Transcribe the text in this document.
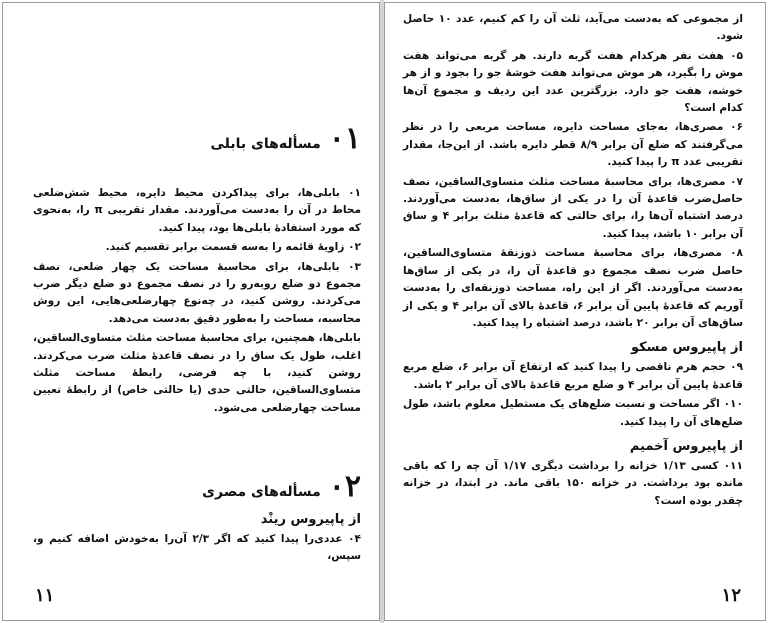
۰۱
مسأله‌های بابلی
۰۱ بابلی‌ها، برای پیداکردن محیط دایره، محیط شش‌ضلعی محاط در آن را به‌دست می‌آوردند. مقدار تقریبی π را، به‌نحوی که مورد استفادهٔ بابلی‌ها بود، پیدا کنید.
۰۲ زاویهٔ قائمه را به‌سه قسمت برابر تقسیم کنید.
۰۳ بابلی‌ها، برای محاسبهٔ مساحت یک چهار ضلعی، نصف مجموع دو ضلع روبه‌رو را در نصف مجموع دو ضلع دیگر ضرب می‌کردند. روشن کنید، در چه‌نوع چهارضلعی‌هایی، این روش محاسبه، مساحت را به‌طور دقیق به‌دست می‌دهد.
بابلی‌ها، همچنین، برای محاسبهٔ مساحت مثلث متساوی‌الساقین، اغلب، طول یک ساق را در نصف قاعدهٔ مثلث ضرب می‌کردند. روشن کنید، با چه فرضی، رابطهٔ مساحت مثلث متساوی‌الساقین، حالتی حدی (یا حالتی خاص) از رابطهٔ تعیین مساحت چهارضلعی می‌شود.
۰۲
مسأله‌های مصری
از پاپیروس رینْد
۰۴ عددی‌را پیدا کنید که اگر ۲/۳ آن‌را به‌خودش اضافه کنیم و، سپس،
۱۱
از مجموعی که به‌دست می‌آید، ثلث آن را کم کنیم، عدد ۱۰ حاصل شود.
۰۵ هفت نفر هرکدام هفت گربه دارند. هر گربه می‌تواند هفت موش را بگیرد، هر موش می‌تواند هفت خوشهٔ جو را بجود و از هر خوشه، هفت جو دارد. بزرگترین عدد این ردیف و مجموع آن‌ها کدام است؟
۰۶ مصری‌ها، به‌جای مساحت دایره، مساحت مربعی را در نظر می‌گرفتند که ضلع آن برابر ۸/۹ قطر دایره باشد. از این‌جا، مقدار تقریبی عدد π را پیدا کنید.
۰۷ مصری‌ها، برای محاسبهٔ مساحت مثلث متساوی‌الساقین، نصف حاصل‌ضرب قاعدهٔ آن را در یکی از ساق‌ها، به‌دست می‌آوردند. درصد اشتباه آن‌ها را، برای حالتی که قاعدهٔ مثلث برابر ۴ و ساق آن برابر ۱۰ باشد، پیدا کنید.
۰۸ مصری‌ها، برای محاسبهٔ مساحت ذوزنقهٔ متساوی‌الساقین، حاصل ضرب نصف مجموع دو قاعدهٔ آن را، در یکی از ساق‌ها به‌دست می‌آوردند. اگر از این راه، مساحت ذوزنقه‌ای را به‌دست آوریم که قاعدهٔ پایین آن برابر ۶، قاعدهٔ بالای آن برابر ۴ و یکی از ساق‌های آن برابر ۲۰ باشد، درصد اشتباه را پیدا کنید.
از پاپیروس مسکو
۰۹ حجم هرم ناقصی را پیدا کنید که ارتفاع آن برابر ۶، ضلع مربع قاعدهٔ پایین آن برابر ۴ و ضلع مربع قاعدهٔ بالای آن برابر ۲ باشد.
۰۱۰ اگر مساحت و نسبت ضلع‌های یک مستطیل معلوم باشد، طول ضلع‌های آن را پیدا کنید.
از پاپیروس آخمیم
۰۱۱ کسی ۱/۱۳ خزانه را برداشت دیگری ۱/۱۷ آن چه را که باقی مانده بود برداشت. در خزانه ۱۵۰ باقی ماند. در ابتدا، در خزانه چقدر بوده است؟
۱۲
